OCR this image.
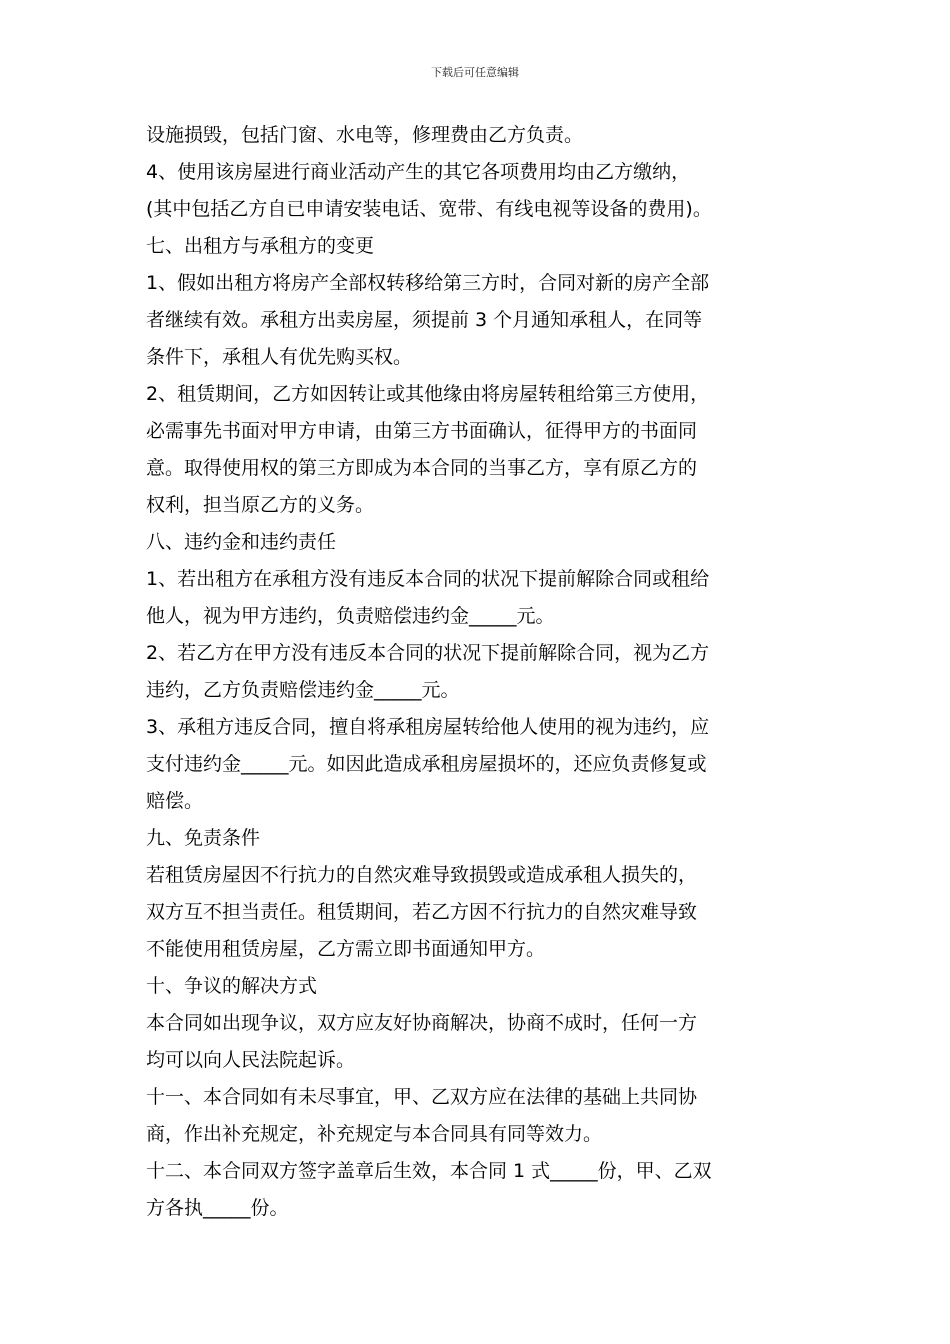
下载后可任意编辑
设施损毁，包括门窗、水电等，修理费由乙方负责。
4、使用该房屋进行商业活动产生的其它各项费用均由乙方缴纳，
(其中包括乙方自已申请安装电话、宽带、有线电视等设备的费用)。
七、出租方与承租方的变更
1、假如出租方将房产全部权转移给第三方时，合同对新的房产全部
者继续有效。承租方出卖房屋，须提前 3 个月通知承租人，在同等
条件下，承租人有优先购买权。
2、租赁期间，乙方如因转让或其他缘由将房屋转租给第三方使用，
必需事先书面对甲方申请，由第三方书面确认，征得甲方的书面同
意。取得使用权的第三方即成为本合同的当事乙方，享有原乙方的
权利，担当原乙方的义务。
八、违约金和违约责任
1、若出租方在承租方没有违反本合同的状况下提前解除合同或租给
他人，视为甲方违约，负责赔偿违约金_____元。
2、若乙方在甲方没有违反本合同的状况下提前解除合同，视为乙方
违约，乙方负责赔偿违约金_____元。
3、承租方违反合同，擅自将承租房屋转给他人使用的视为违约，应
支付违约金_____元。如因此造成承租房屋损坏的，还应负责修复或
赔偿。
九、免责条件
若租赁房屋因不行抗力的自然灾难导致损毁或造成承租人损失的，
双方互不担当责任。租赁期间，若乙方因不行抗力的自然灾难导致
不能使用租赁房屋，乙方需立即书面通知甲方。
十、争议的解决方式
本合同如出现争议，双方应友好协商解决，协商不成时，任何一方
均可以向人民法院起诉。
十一、本合同如有未尽事宜，甲、乙双方应在法律的基础上共同协
商，作出补充规定，补充规定与本合同具有同等效力。
十二、本合同双方签字盖章后生效，本合同 1 式_____份，甲、乙双
方各执_____份。
